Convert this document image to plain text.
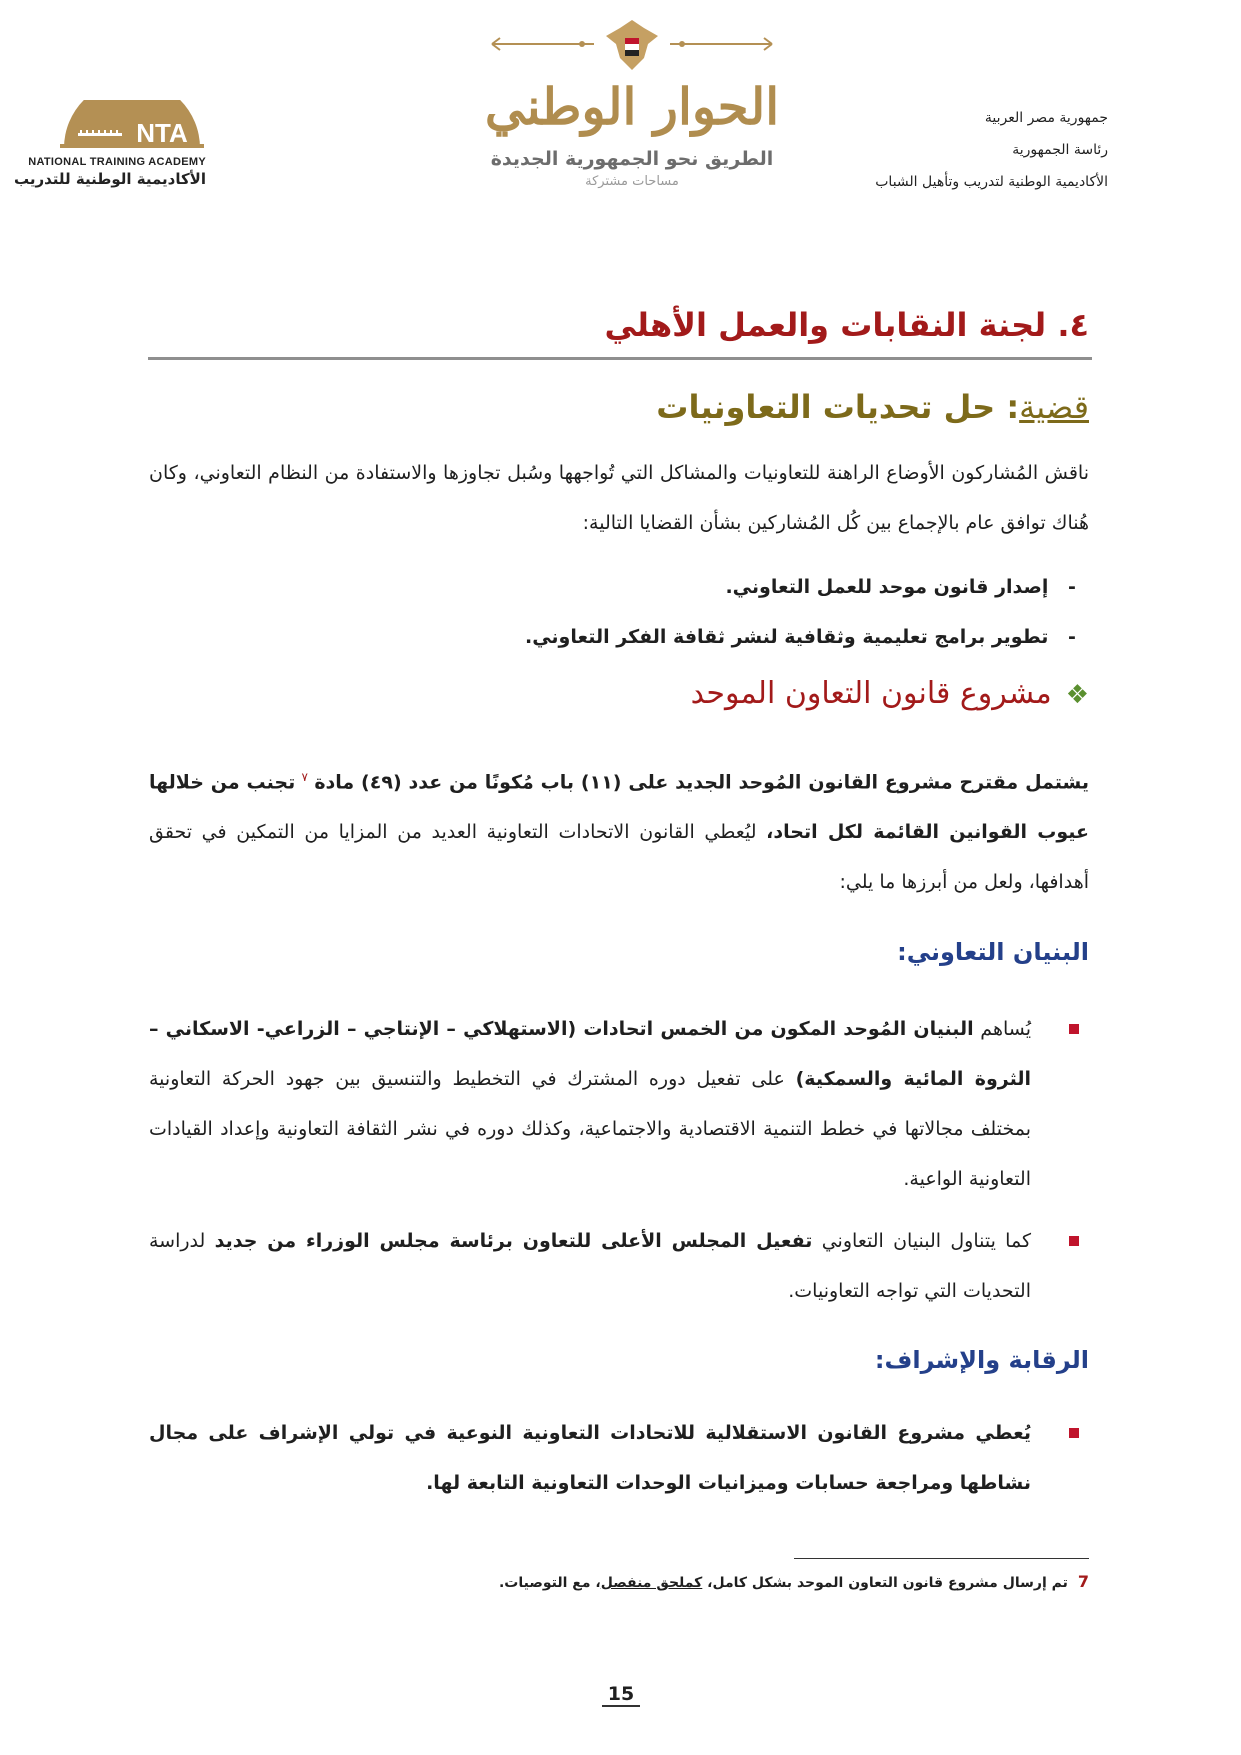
جمهورية مصر العربية
رئاسة الجمهورية
الأكاديمية الوطنية لتدريب وتأهيل الشباب
NTA
NATIONAL TRAINING ACADEMY
الأكاديمية الوطنية للتدريب
الحوار الوطني
الطريق نحو الجمهورية الجديدة
مساحات مشتركة
٤. لجنة النقابات والعمل الأهلي
قضية: حل تحديات التعاونيات
ناقش المُشاركون الأوضاع الراهنة للتعاونيات والمشاكل التي تُواجهها وسُبل تجاوزها والاستفادة من النظام التعاوني، وكان هُناك توافق عام بالإجماع بين كُل المُشاركين بشأن القضايا التالية:
- إصدار قانون موحد للعمل التعاوني.
- تطوير برامج تعليمية وثقافية لنشر ثقافة الفكر التعاوني.
❖مشروع قانون التعاون الموحد
يشتمل مقترح مشروع القانون المُوحد الجديد على (١١) باب مُكونًا من عدد (٤٩) مادة $^٧$ تجنب من خلالها عيوب القوانين القائمة لكل اتحاد، ليُعطي القانون الاتحادات التعاونية العديد من المزايا من التمكين في تحقق أهدافها، ولعل من أبرزها ما يلي:
البنيان التعاوني:
يُساهم البنيان المُوحد المكون من الخمس اتحادات (الاستهلاكي – الإنتاجي – الزراعي- الاسكاني – الثروة المائية والسمكية) على تفعيل دوره المشترك في التخطيط والتنسيق بين جهود الحركة التعاونية بمختلف مجالاتها في خطط التنمية الاقتصادية والاجتماعية، وكذلك دوره في نشر الثقافة التعاونية وإعداد القيادات التعاونية الواعية.
كما يتناول البنيان التعاوني تفعيل المجلس الأعلى للتعاون برئاسة مجلس الوزراء من جديد لدراسة التحديات التي تواجه التعاونيات.
الرقابة والإشراف:
يُعطي مشروع القانون الاستقلالية للاتحادات التعاونية النوعية في تولي الإشراف على مجال نشاطها ومراجعة حسابات وميزانيات الوحدات التعاونية التابعة لها.
7تم إرسال مشروع قانون التعاون الموحد بشكل كامل، كملحق منفصل، مع التوصيات.
15
